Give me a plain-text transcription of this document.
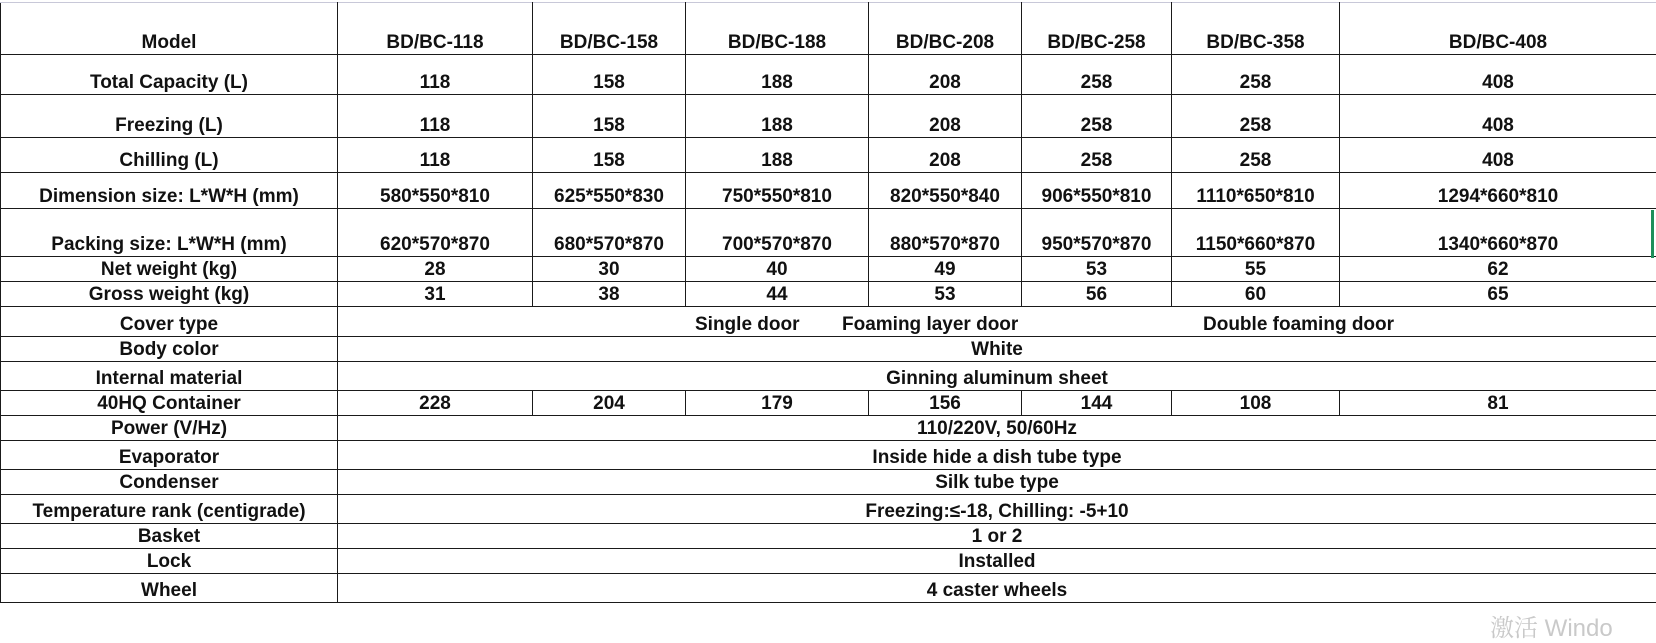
Model	BD/BC-118	BD/BC-158	BD/BC-188	BD/BC-208	BD/BC-258	BD/BC-358	BD/BC-408
Total Capacity (L)	118	158	188	208	258	258	408
Freezing (L)	118	158	188	208	258	258	408
Chilling (L)	118	158	188	208	258	258	408
Dimension size: L*W*H (mm)	580*550*810	625*550*830	750*550*810	820*550*840	906*550*810	1110*650*810	1294*660*810
Packing size: L*W*H (mm)	620*570*870	680*570*870	700*570*870	880*570*870	950*570*870	1150*660*870	1340*660*870
Net weight (kg)	28	30	40	49	53	55	62
Gross weight (kg)	31	38	44	53	56	60	65
Cover type	Single door Foaming layer door Double foaming door						

Body color	White						
Internal material	Ginning aluminum sheet						
40HQ Container	228	204	179	156	144	108	81
Power (V/Hz)	110/220V, 50/60Hz						
Evaporator	Inside hide a dish tube type						
Condenser	Silk tube type						
Temperature rank (centigrade)	Freezing:≤-18, Chilling: -5+10						
Basket	1 or 2						
Lock	Installed						
Wheel	4 caster wheels						
激活 Windo
